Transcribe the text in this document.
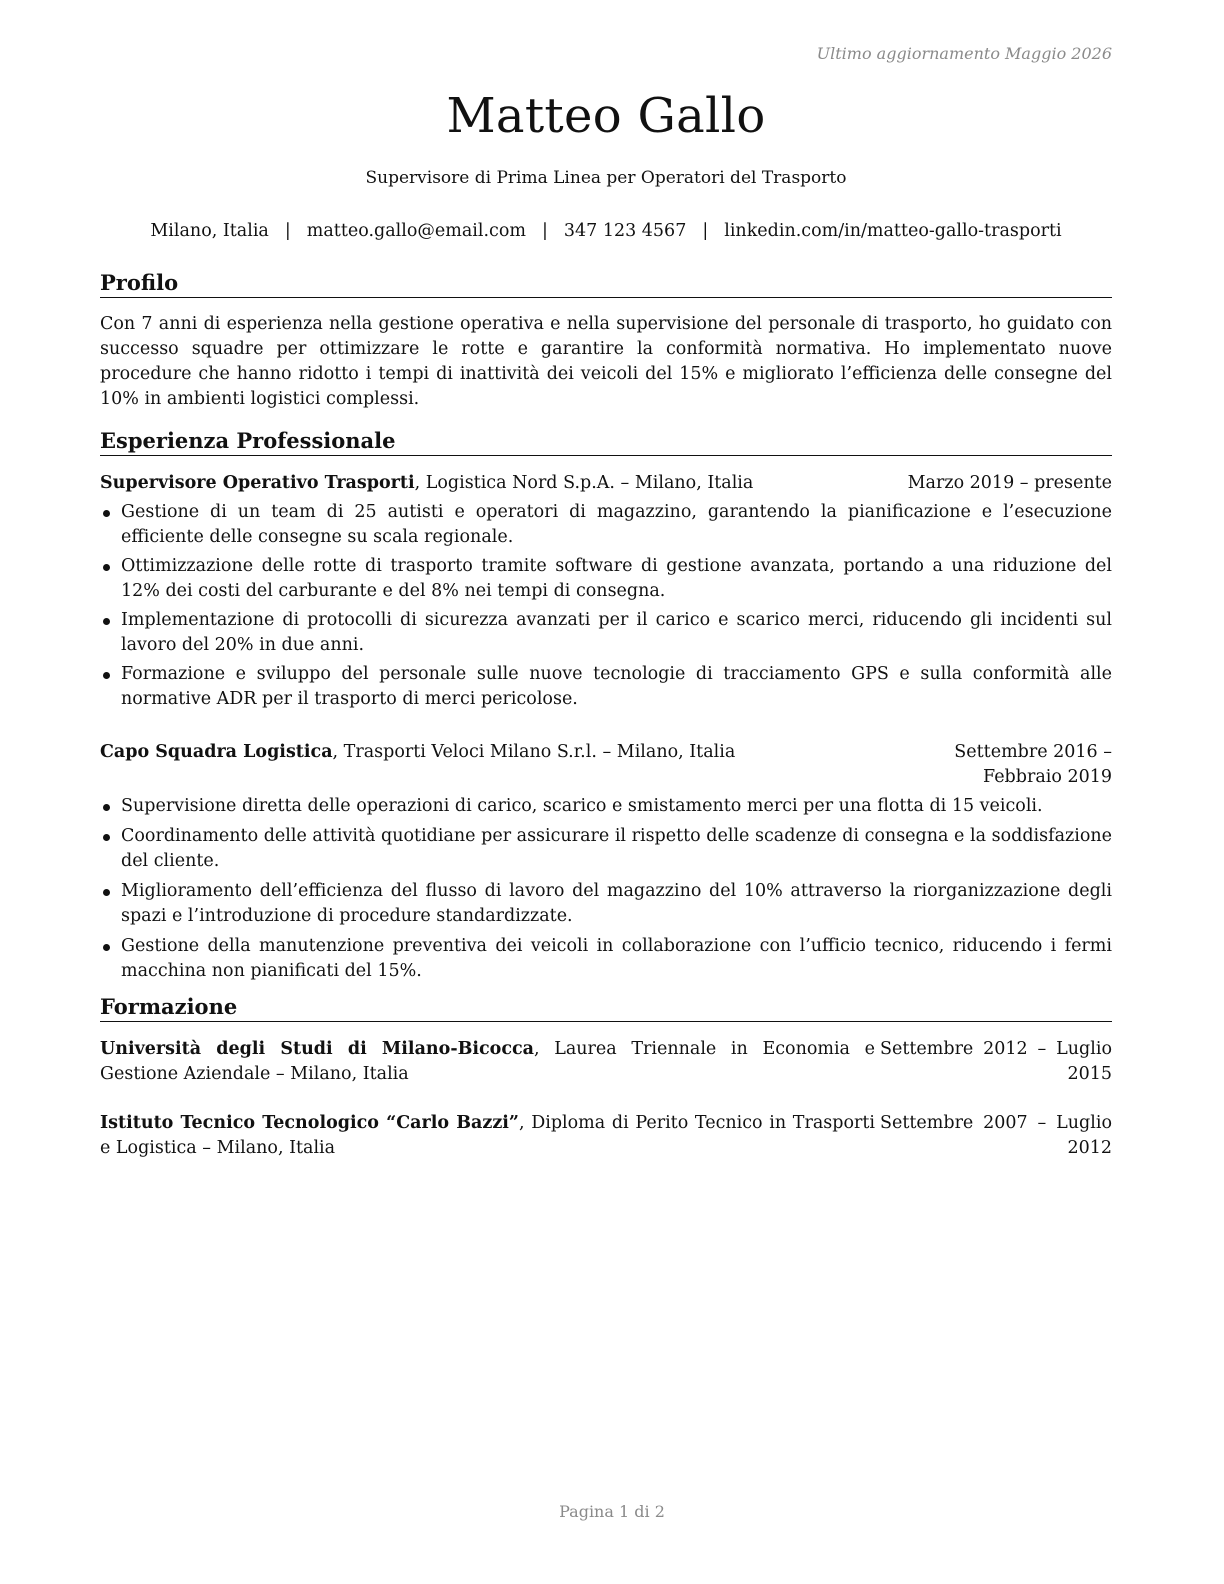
Ultimo aggiornamento Maggio 2026
Matteo Gallo
Supervisore di Prima Linea per Operatori del Trasporto
Milano, Italia | matteo.gallo@email.com | 347 123 4567 | linkedin.com/in/matteo-gallo-trasporti
Profilo

Con 7 anni di esperienza nella gestione operativa e nella supervisione del personale di trasporto, ho guidato con successo squadre per ottimizzare le rotte e garantire la conformità normativa. Ho implementato nuove procedure che hanno ridotto i tempi di inattività dei veicoli del 15% e migliorato l’efficienza delle consegne del 10% in ambienti logistici complessi.

Esperienza Professionale
Supervisore Operativo Trasporti, Logistica Nord S.p.A. – Milano, Italia	Marzo 2019 – presente
Gestione di un team di 25 autisti e operatori di magazzino, garantendo la pianificazione e l’esecuzione efficiente delle consegne su scala regionale.
Ottimizzazione delle rotte di trasporto tramite software di gestione avanzata, portando a una riduzione del 12% dei costi del carburante e del 8% nei tempi di consegna.
Implementazione di protocolli di sicurezza avanzati per il carico e scarico merci, riducendo gli incidenti sul lavoro del 20% in due anni.
Formazione e sviluppo del personale sulle nuove tecnologie di tracciamento GPS e sulla conformità alle normative ADR per il trasporto di merci pericolose.
Capo Squadra Logistica, Trasporti Veloci Milano S.r.l. – Milano, Italia	Settembre 2016 – Febbraio 2019
Supervisione diretta delle operazioni di carico, scarico e smistamento merci per una flotta di 15 veicoli.
Coordinamento delle attività quotidiane per assicurare il rispetto delle scadenze di consegna e la soddisfazione del cliente.
Miglioramento dell’efficienza del flusso di lavoro del magazzino del 10% attraverso la riorganizzazione degli spazi e l’introduzione di procedure standardizzate.
Gestione della manutenzione preventiva dei veicoli in collaborazione con l’ufficio tecnico, riducendo i fermi macchina non pianificati del 15%.
Formazione
Università degli Studi di Milano-Bicocca, Laurea Triennale in Economia e Gestione Aziendale – Milano, Italia
Settembre 2012 – Luglio 2015
Istituto Tecnico Tecnologico “Carlo Bazzi”, Diploma di Perito Tecnico in Trasporti e Logistica – Milano, Italia
Settembre 2007 – Luglio 2012
Pagina 1 di 2
